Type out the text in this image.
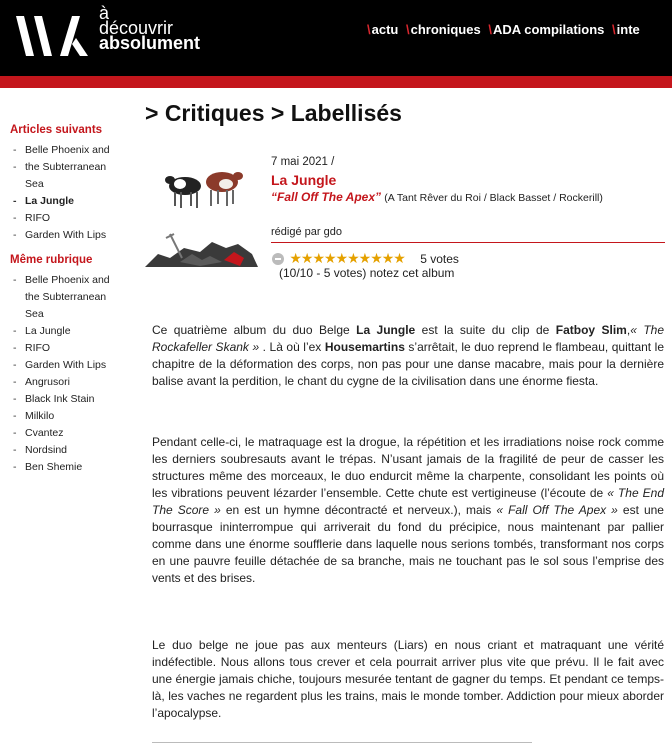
à
découvrir
absolument
\actu \chroniques \ADA compilations \inte
Articles suivants
- Belle Phoenix and
- the Subterranean
Sea
- La Jungle
- RIFO
- Garden With Lips
Même rubrique
- Belle Phoenix and
the Subterranean
Sea
- La Jungle
- RIFO
- Garden With Lips
- Angrusori
- Black Ink Stain
- Milkilo
- Cvantez
- Nordsind
- Ben Shemie
> Critiques > Labellisés
7 mai 2021 /
La Jungle
“Fall Off The Apex” (A Tant Rêver du Roi / Black Basset / Rockerill)
rédigé par gdo
★★★★★★★★★★ 5 votes
(10/10 - 5 votes) notez cet album

Ce quatrième album du duo Belge La Jungle est la suite du clip de Fatboy Slim,« The Rockafeller Skank » . Là où l’ex Housemartins s’arrêtait, le duo reprend le flambeau, quittant le chapitre de la déformation des corps, non pas pour une danse macabre, mais pour la dernière balise avant la perdition, le chant du cygne de la civilisation dans une énorme fiesta.

Pendant celle-ci, le matraquage est la drogue, la répétition et les irradiations noise rock comme les derniers soubresauts avant le trépas. N’usant jamais de la fragilité de peur de casser les structures même des morceaux, le duo endurcit même la charpente, consolidant les points où les vibrations peuvent lézarder l’ensemble. Cette chute est vertigineuse (l’écoute de « The End The Score » en est un hymne décontracté et nerveux.), mais « Fall Off The Apex » est une bourrasque ininterrompue qui arriverait du fond du précipice, nous maintenant par pallier comme dans une énorme soufflerie dans laquelle nous serions tombés, transformant nos corps en une pauvre feuille détachée de sa branche, mais ne touchant pas le sol sous l’emprise des vents et des brises.

Le duo belge ne joue pas aux menteurs (Liars) en nous criant et matraquant une vérité indéfectible. Nous allons tous crever et cela pourrait arriver plus vite que prévu. Il le fait avec une énergie jamais chiche, toujours mesurée tentant de gagner du temps. Et pendant ce temps-là, les vaches ne regardent plus les trains, mais le monde tomber. Addiction pour mieux aborder l’apocalypse.
